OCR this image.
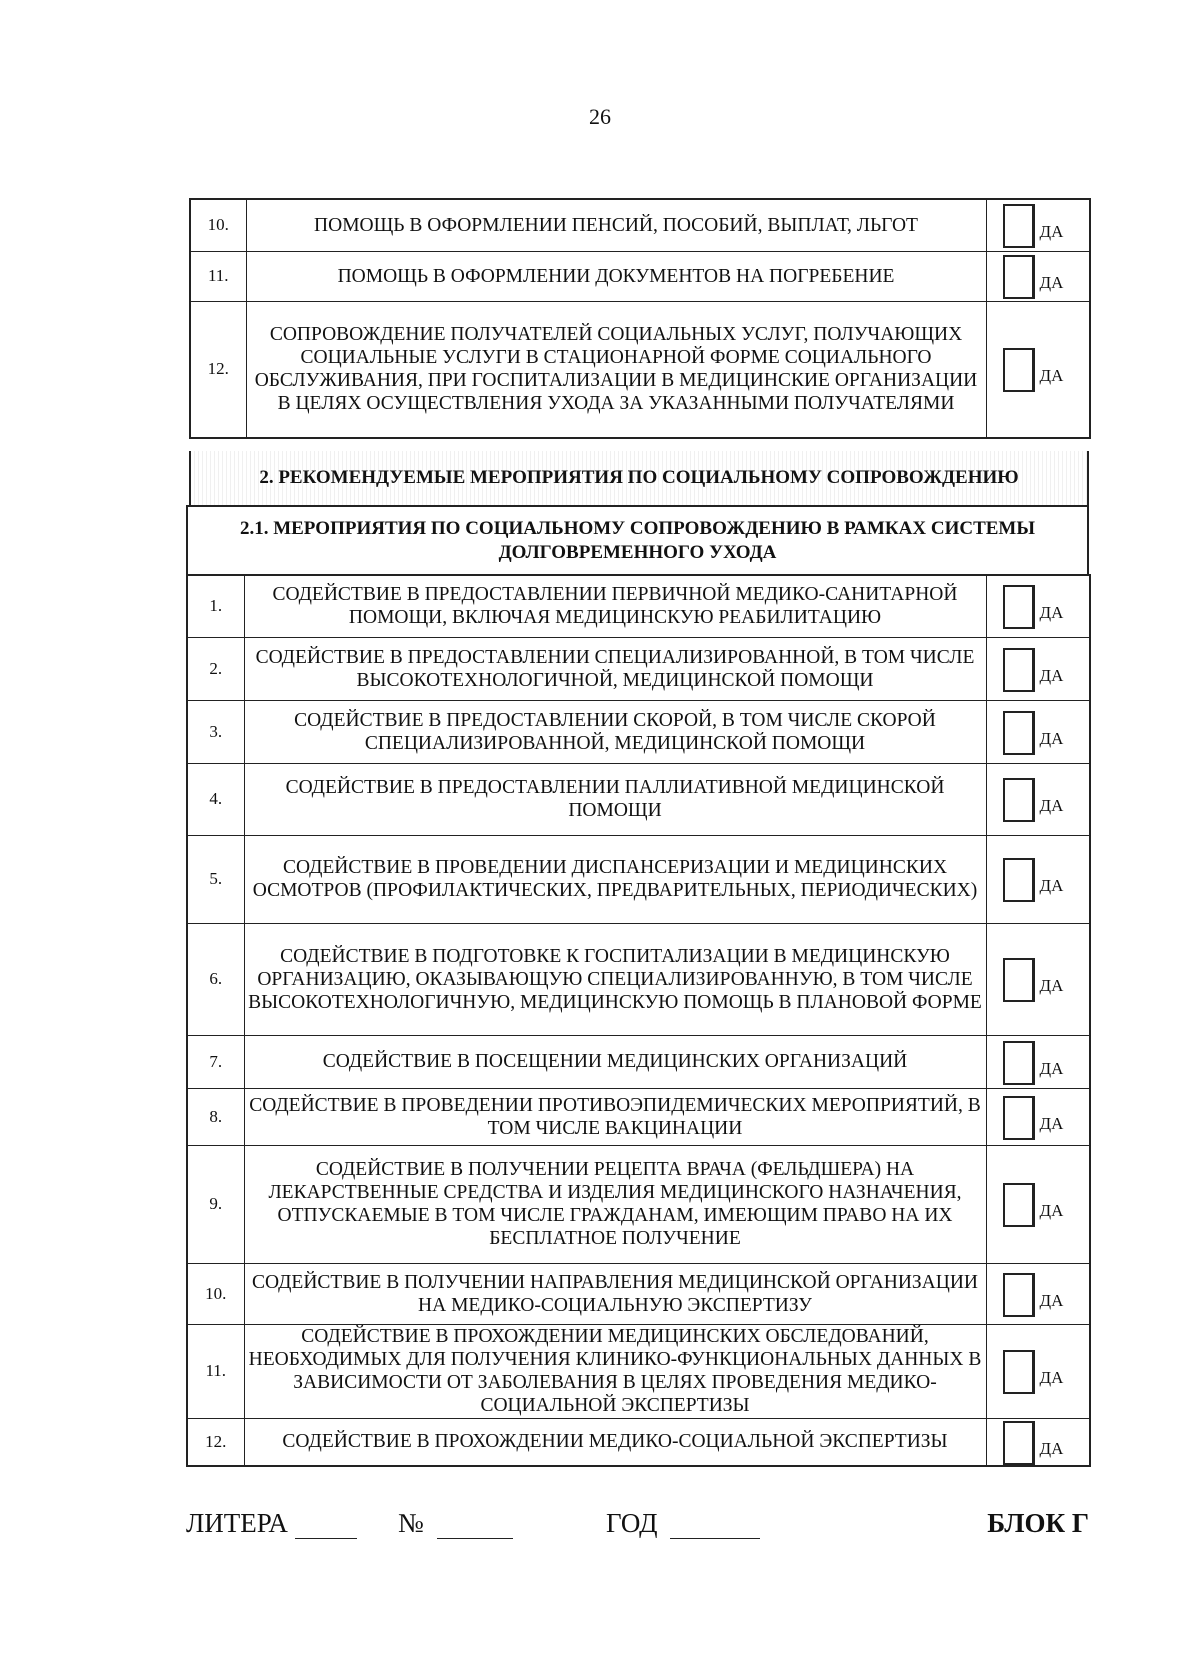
26
10.	ПОМОЩЬ В ОФОРМЛЕНИИ ПЕНСИЙ, ПОСОБИЙ, ВЫПЛАТ, ЛЬГОТ	ДА

11.	ПОМОЩЬ В ОФОРМЛЕНИИ ДОКУМЕНТОВ НА ПОГРЕБЕНИЕ	ДА

12.	СОПРОВОЖДЕНИЕ ПОЛУЧАТЕЛЕЙ СОЦИАЛЬНЫХ УСЛУГ, ПОЛУЧАЮЩИХ СОЦИАЛЬНЫЕ УСЛУГИ В СТАЦИОНАРНОЙ ФОРМЕ СОЦИАЛЬНОГО ОБСЛУЖИВАНИЯ, ПРИ ГОСПИТАЛИЗАЦИИ В МЕДИЦИНСКИЕ ОРГАНИЗАЦИИ В ЦЕЛЯХ ОСУЩЕСТВЛЕНИЯ УХОДА ЗА УКАЗАННЫМИ ПОЛУЧАТЕЛЯМИ	ДА
2. РЕКОМЕНДУЕМЫЕ МЕРОПРИЯТИЯ ПО СОЦИАЛЬНОМУ СОПРОВОЖДЕНИЮ
2.1. МЕРОПРИЯТИЯ ПО СОЦИАЛЬНОМУ СОПРОВОЖДЕНИЮ В РАМКАХ СИСТЕМЫ ДОЛГОВРЕМЕННОГО УХОДА
1.	СОДЕЙСТВИЕ В ПРЕДОСТАВЛЕНИИ ПЕРВИЧНОЙ МЕДИКО-САНИТАРНОЙ ПОМОЩИ, ВКЛЮЧАЯ МЕДИЦИНСКУЮ РЕАБИЛИТАЦИЮ	ДА

2.	СОДЕЙСТВИЕ В ПРЕДОСТАВЛЕНИИ СПЕЦИАЛИЗИРОВАННОЙ, В ТОМ ЧИСЛЕ ВЫСОКОТЕХНОЛОГИЧНОЙ, МЕДИЦИНСКОЙ ПОМОЩИ	ДА

3.	СОДЕЙСТВИЕ В ПРЕДОСТАВЛЕНИИ СКОРОЙ, В ТОМ ЧИСЛЕ СКОРОЙ СПЕЦИАЛИЗИРОВАННОЙ, МЕДИЦИНСКОЙ ПОМОЩИ	ДА

4.	СОДЕЙСТВИЕ В ПРЕДОСТАВЛЕНИИ ПАЛЛИАТИВНОЙ МЕДИЦИНСКОЙ ПОМОЩИ	ДА

5.	СОДЕЙСТВИЕ В ПРОВЕДЕНИИ ДИСПАНСЕРИЗАЦИИ И МЕДИЦИНСКИХ ОСМОТРОВ (ПРОФИЛАКТИЧЕСКИХ, ПРЕДВАРИТЕЛЬНЫХ, ПЕРИОДИЧЕСКИХ)	ДА

6.	СОДЕЙСТВИЕ В ПОДГОТОВКЕ К ГОСПИТАЛИЗАЦИИ В МЕДИЦИНСКУЮ ОРГАНИЗАЦИЮ, ОКАЗЫВАЮЩУЮ СПЕЦИАЛИЗИРОВАННУЮ, В ТОМ ЧИСЛЕ ВЫСОКОТЕХНОЛОГИЧНУЮ, МЕДИЦИНСКУЮ ПОМОЩЬ В ПЛАНОВОЙ ФОРМЕ	ДА

7.	СОДЕЙСТВИЕ В ПОСЕЩЕНИИ МЕДИЦИНСКИХ ОРГАНИЗАЦИЙ	ДА

8.	СОДЕЙСТВИЕ В ПРОВЕДЕНИИ ПРОТИВОЭПИДЕМИЧЕСКИХ МЕРОПРИЯТИЙ, В ТОМ ЧИСЛЕ ВАКЦИНАЦИИ	ДА

9.	СОДЕЙСТВИЕ В ПОЛУЧЕНИИ РЕЦЕПТА ВРАЧА (ФЕЛЬДШЕРА) НА ЛЕКАРСТВЕННЫЕ СРЕДСТВА И ИЗДЕЛИЯ МЕДИЦИНСКОГО НАЗНАЧЕНИЯ, ОТПУСКАЕМЫЕ В ТОМ ЧИСЛЕ ГРАЖДАНАМ, ИМЕЮЩИМ ПРАВО НА ИХ БЕСПЛАТНОЕ ПОЛУЧЕНИЕ	ДА

10.	СОДЕЙСТВИЕ В ПОЛУЧЕНИИ НАПРАВЛЕНИЯ МЕДИЦИНСКОЙ ОРГАНИЗАЦИИ НА МЕДИКО-СОЦИАЛЬНУЮ ЭКСПЕРТИЗУ	ДА

11.	СОДЕЙСТВИЕ В ПРОХОЖДЕНИИ МЕДИЦИНСКИХ ОБСЛЕДОВАНИЙ, НЕОБХОДИМЫХ ДЛЯ ПОЛУЧЕНИЯ КЛИНИКО-ФУНКЦИОНАЛЬНЫХ ДАННЫХ В ЗАВИСИМОСТИ ОТ ЗАБОЛЕВАНИЯ В ЦЕЛЯХ ПРОВЕДЕНИЯ МЕДИКО-СОЦИАЛЬНОЙ ЭКСПЕРТИЗЫ	ДА

12.	СОДЕЙСТВИЕ В ПРОХОЖДЕНИИ МЕДИКО-СОЦИАЛЬНОЙ ЭКСПЕРТИЗЫ	ДА
ЛИТЕРА	№	ГОД	БЛОК Г
